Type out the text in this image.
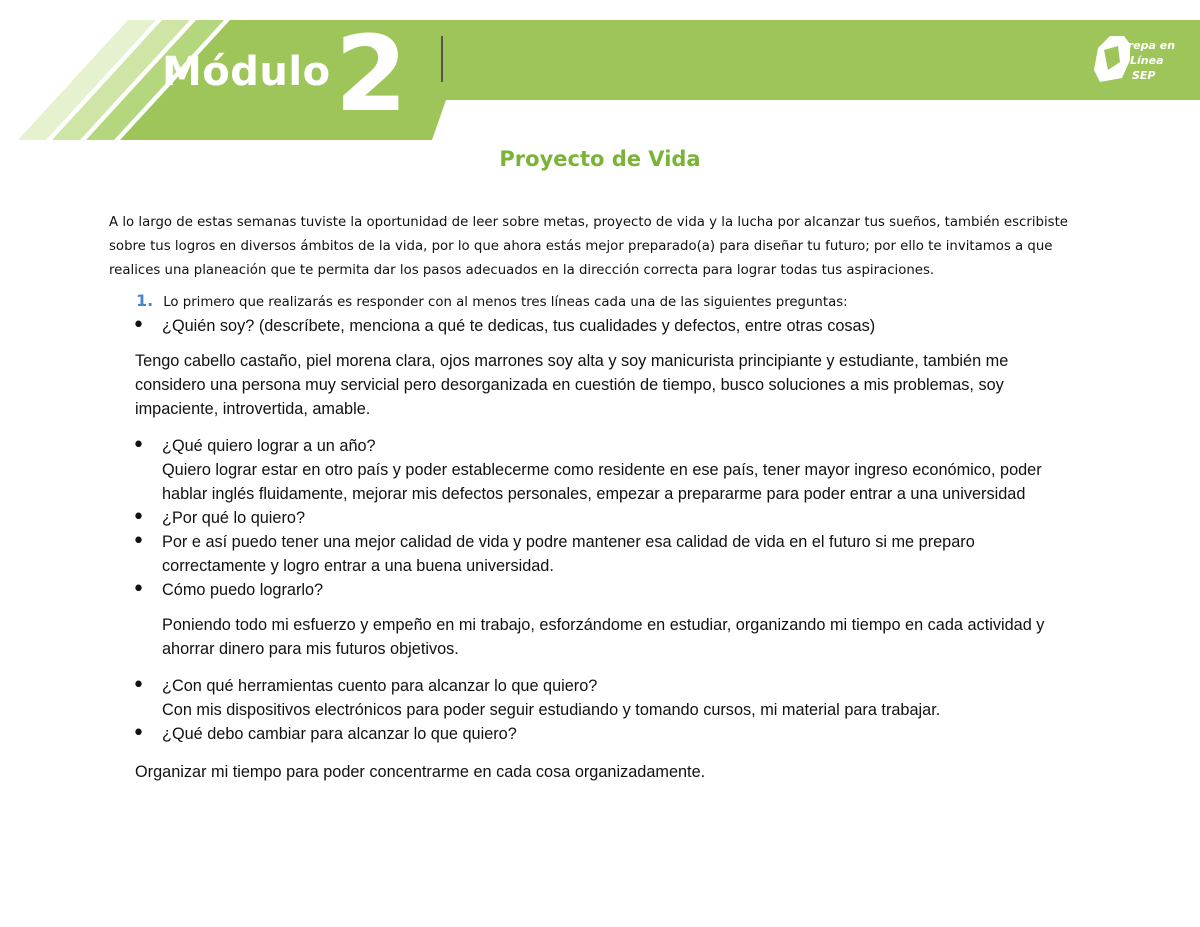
Módulo 2	Prepa en
Línea
SEP
Proyecto de Vida
A lo largo de estas semanas tuviste la oportunidad de leer sobre metas, proyecto de vida y la lucha por alcanzar tus sueños, también escribiste sobre tus logros en diversos ámbitos de la vida, por lo que ahora estás mejor preparado(a) para diseñar tu futuro; por ello te invitamos a que realices una planeación que te permita dar los pasos adecuados en la dirección correcta para lograr todas tus aspiraciones.
1. Lo primero que realizarás es responder con al menos tres líneas cada una de las siguientes preguntas:
•
¿Quién soy? (descríbete, menciona a qué te dedicas, tus cualidades y defectos, entre otras cosas)
Tengo cabello castaño, piel morena clara, ojos marrones soy alta y soy manicurista principiante y estudiante, también me considero una persona muy servicial pero desorganizada en cuestión de tiempo, busco soluciones a mis problemas, soy impaciente, introvertida, amable.
•
¿Qué quiero lograr a un año?
Quiero lograr estar en otro país y poder establecerme como residente en ese país, tener mayor ingreso económico, poder hablar inglés fluidamente, mejorar mis defectos personales, empezar a prepararme para poder entrar a una universidad
•
¿Por qué lo quiero?
•
Por e así puedo tener una mejor calidad de vida y podre mantener esa calidad de vida en el futuro si me preparo correctamente y logro entrar a una buena universidad.
•
Cómo puedo lograrlo?
Poniendo todo mi esfuerzo y empeño en mi trabajo, esforzándome en estudiar, organizando mi tiempo en cada actividad y ahorrar dinero para mis futuros objetivos.
•
¿Con qué herramientas cuento para alcanzar lo que quiero?
Con mis dispositivos electrónicos para poder seguir estudiando y tomando cursos, mi material para trabajar.
•
¿Qué debo cambiar para alcanzar lo que quiero?
Organizar mi tiempo para poder concentrarme en cada cosa organizadamente.
